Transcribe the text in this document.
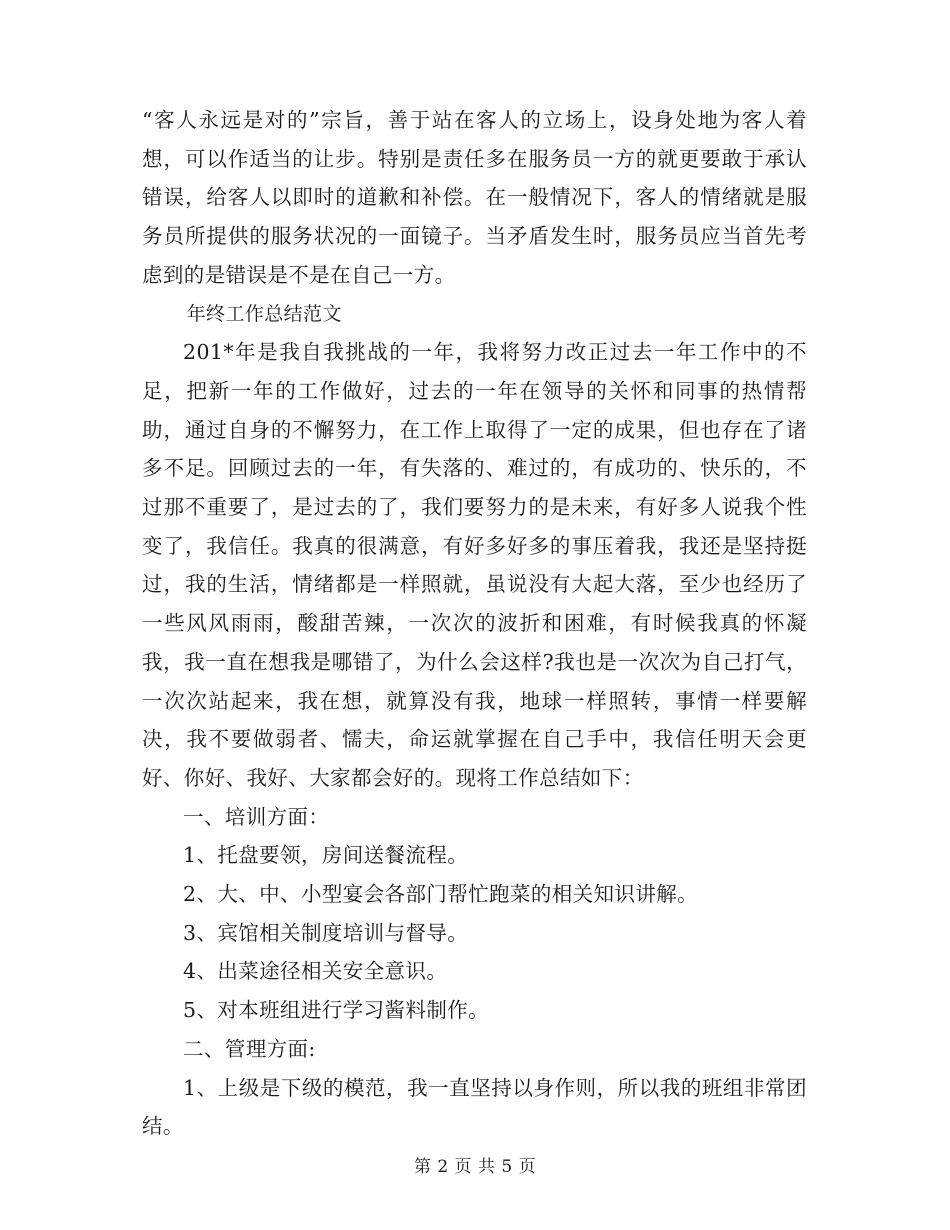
“客人永远是对的”宗旨，善于站在客人的立场上，设身处地为客人着想，可以作适当的让步。特别是责任多在服务员一方的就更要敢于承认错误，给客人以即时的道歉和补偿。在一般情况下，客人的情绪就是服务员所提供的服务状况的一面镜子。当矛盾发生时，服务员应当首先考虑到的是错误是不是在自己一方。

年终工作总结范文

201*年是我自我挑战的一年，我将努力改正过去一年工作中的不足，把新一年的工作做好，过去的一年在领导的关怀和同事的热情帮助，通过自身的不懈努力，在工作上取得了一定的成果，但也存在了诸多不足。回顾过去的一年，有失落的、难过的，有成功的、快乐的，不过那不重要了，是过去的了，我们要努力的是未来，有好多人说我个性变了，我信任。我真的很满意，有好多好多的事压着我，我还是坚持挺过，我的生活，情绪都是一样照就，虽说没有大起大落，至少也经历了一些风风雨雨，酸甜苦辣，一次次的波折和困难，有时候我真的怀凝我，我一直在想我是哪错了，为什么会这样?我也是一次次为自己打气，一次次站起来，我在想，就算没有我，地球一样照转，事情一样要解决，我不要做弱者、懦夫，命运就掌握在自己手中，我信任明天会更好、你好、我好、大家都会好的。现将工作总结如下：

一、培训方面：

1、托盘要领，房间送餐流程。

2、大、中、小型宴会各部门帮忙跑菜的相关知识讲解。

3、宾馆相关制度培训与督导。

4、出菜途径相关安全意识。

5、对本班组进行学习酱料制作。

二、管理方面:

1、上级是下级的模范，我一直坚持以身作则，所以我的班组非常团结。

第 2 页 共 5 页
